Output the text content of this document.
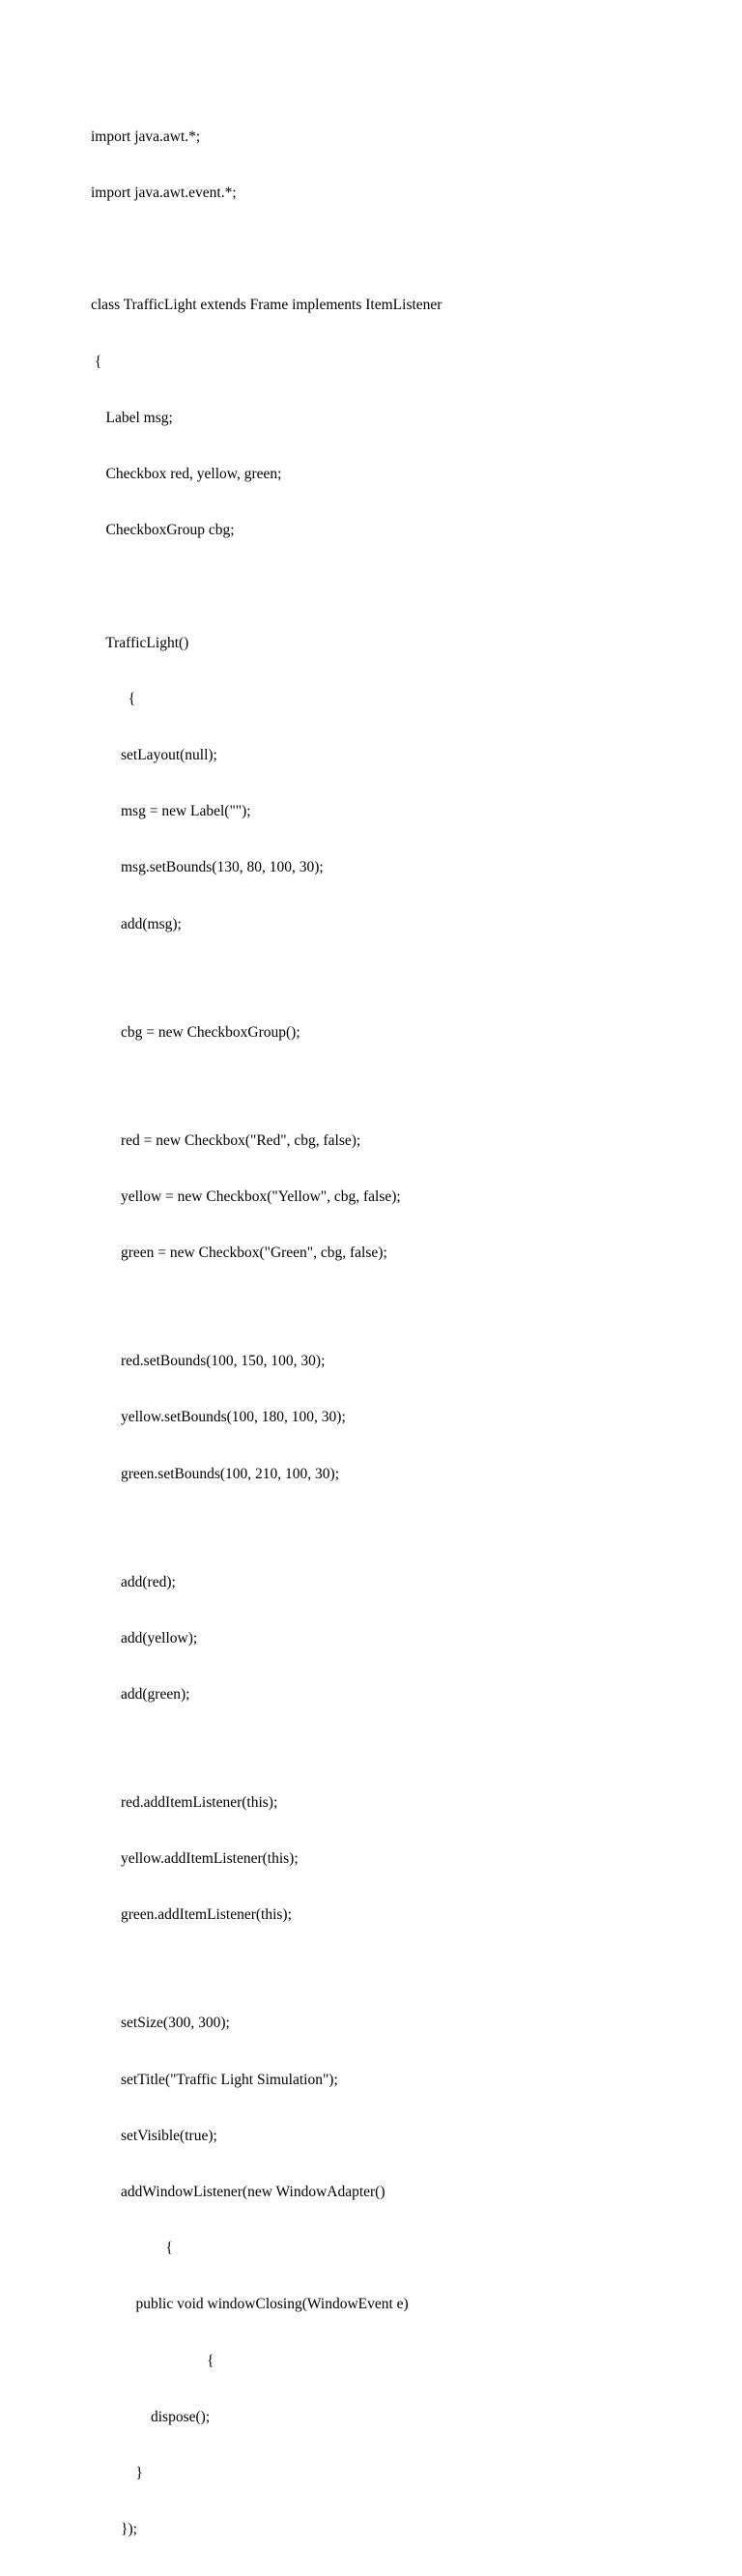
import java.awt.*;

import java.awt.event.*;

class TrafficLight extends Frame implements ItemListener

{

Label msg;

Checkbox red, yellow, green;

CheckboxGroup cbg;

TrafficLight()

{

setLayout(null);

msg = new Label("");

msg.setBounds(130, 80, 100, 30);

add(msg);

cbg = new CheckboxGroup();

red = new Checkbox("Red", cbg, false);

yellow = new Checkbox("Yellow", cbg, false);

green = new Checkbox("Green", cbg, false);

red.setBounds(100, 150, 100, 30);

yellow.setBounds(100, 180, 100, 30);

green.setBounds(100, 210, 100, 30);

add(red);

add(yellow);

add(green);

red.addItemListener(this);

yellow.addItemListener(this);

green.addItemListener(this);

setSize(300, 300);

setTitle("Traffic Light Simulation");

setVisible(true);

addWindowListener(new WindowAdapter()

{

public void windowClosing(WindowEvent e)

{

dispose();

}

});
